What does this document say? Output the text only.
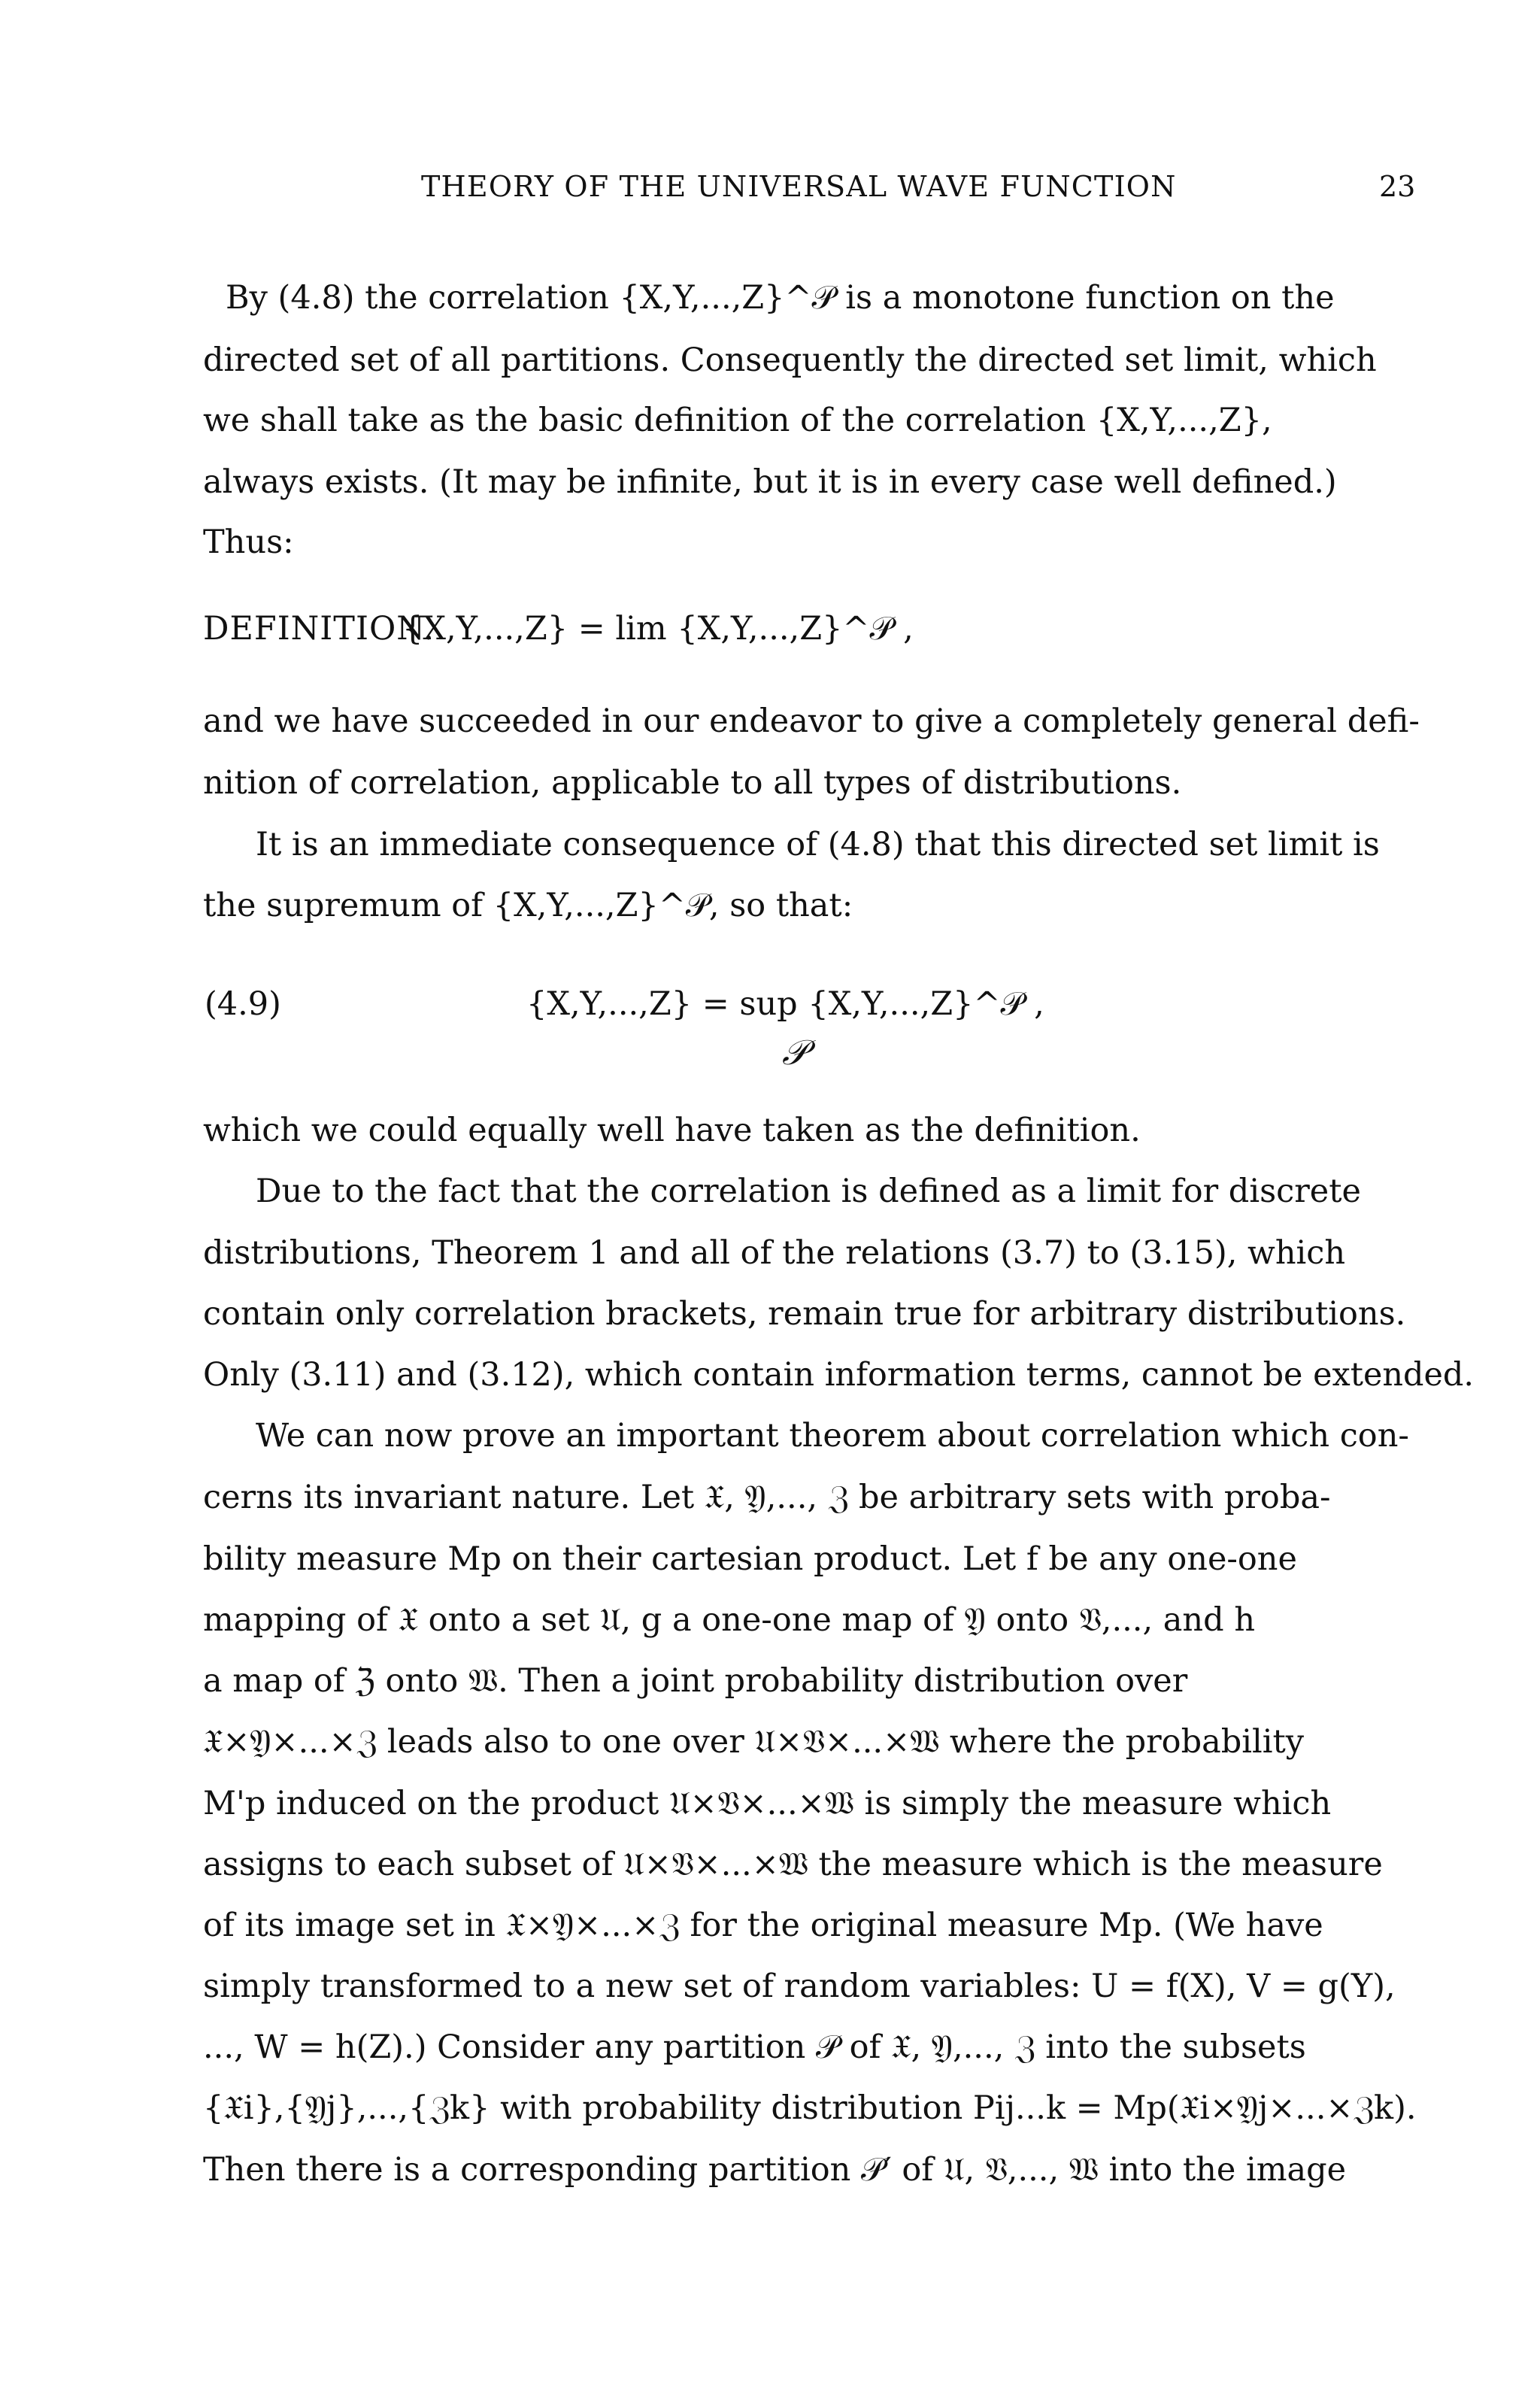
THEORY OF THE UNIVERSAL WAVE FUNCTION	23
By (4.8) the correlation {X,Y,...,Z}^𝒫 is a monotone function on the
directed set of all partitions. Consequently the directed set limit, which
we shall take as the basic definition of the correlation {X,Y,...,Z},
always exists. (It may be infinite, but it is in every case well defined.)
Thus:
DEFINITION.
{X,Y,...,Z} = lim {X,Y,...,Z}^𝒫 ,
and we have succeeded in our endeavor to give a completely general defi-
nition of correlation, applicable to all types of distributions.
It is an immediate consequence of (4.8) that this directed set limit is
the supremum of {X,Y,...,Z}^𝒫, so that:
(4.9)	{X,Y,...,Z} = sup {X,Y,...,Z}^𝒫 ,
𝒫
which we could equally well have taken as the definition.
Due to the fact that the correlation is defined as a limit for discrete
distributions, Theorem 1 and all of the relations (3.7) to (3.15), which
contain only correlation brackets, remain true for arbitrary distributions.
Only (3.11) and (3.12), which contain information terms, cannot be extended.
We can now prove an important theorem about correlation which con-
cerns its invariant nature. Let 𝔛, 𝔜,..., ℨ be arbitrary sets with proba-
bility measure Mp on their cartesian product. Let f be any one-one
mapping of 𝔛 onto a set 𝔘, g a one-one map of 𝔜 onto 𝔙,..., and h
a map of ℨ onto 𝔚. Then a joint probability distribution over
𝔛×𝔜×...×ℨ leads also to one over 𝔘×𝔙×...×𝔚 where the probability
M'p induced on the product 𝔘×𝔙×...×𝔚 is simply the measure which
assigns to each subset of 𝔘×𝔙×...×𝔚 the measure which is the measure
of its image set in 𝔛×𝔜×...×ℨ for the original measure Mp. (We have
simply transformed to a new set of random variables: U = f(X), V = g(Y),
..., W = h(Z).) Consider any partition 𝒫 of 𝔛, 𝔜,..., ℨ into the subsets
{𝔛i},{𝔜j},...,{ℨk} with probability distribution Pij...k = Mp(𝔛i×𝔜j×...×ℨk).
Then there is a corresponding partition 𝒫′ of 𝔘, 𝔙,..., 𝔚 into the image
